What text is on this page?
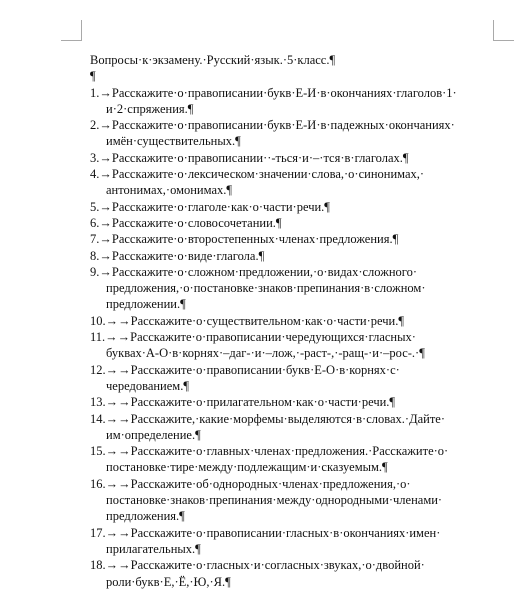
Вопросы·к·экзамену.·Русский·язык.·5·класс.¶

¶

1.→Расскажите·о·правописании·букв·Е-И·в·окончаниях·глаголов·1·
и·2·спряжения.¶
2.→Расскажите·о·правописании·букв·Е-И·в·падежных·окончаниях·
имён·существительных.¶
3.→Расскажите·о·правописании··-ться·и·–·тся·в·глаголах.¶
4.→Расскажите·о·лексическом·значении·слова,·о·синонимах,·
антонимах,·омонимах.¶
5.→Расскажите·о·глаголе·как·о·части·речи.¶
6.→Расскажите·о·словосочетании.¶
7.→Расскажите·о·второстепенных·членах·предложения.¶
8.→Расскажите·о·виде·глагола.¶
9.→Расскажите·о·сложном·предложении,·о·видах·сложного·
предложения,·о·постановке·знаков·препинания·в·сложном·
предложении.¶
10.→→Расскажите·о·существительном·как·о·части·речи.¶
11.→→Расскажите·о·правописании·чередующихся·гласных·
буквах·А-О·в·корнях·–даг-·и·–лож,·-раст-,·-ращ-·и·–рос-.·¶
12.→→Расскажите·о·правописании·букв·Е-О·в·корнях·с·
чередованием.¶
13.→→Расскажите·о·прилагательном·как·о·части·речи.¶
14.→→Расскажите,·какие·морфемы·выделяются·в·словах.·Дайте·
им·определение.¶
15.→→Расскажите·о·главных·членах·предложения.·Расскажите·о·
постановке·тире·между·подлежащим·и·сказуемым.¶
16.→→Расскажите·об·однородных·членах·предложения,·о·
постановке·знаков·препинания·между·однородными·членами·
предложения.¶
17.→→Расскажите·о·правописании·гласных·в·окончаниях·имен·
прилагательных.¶
18.→→Расскажите·о·гласных·и·согласных·звуках,·о·двойной·
роли·букв·Е,·Ё,·Ю,·Я.¶
